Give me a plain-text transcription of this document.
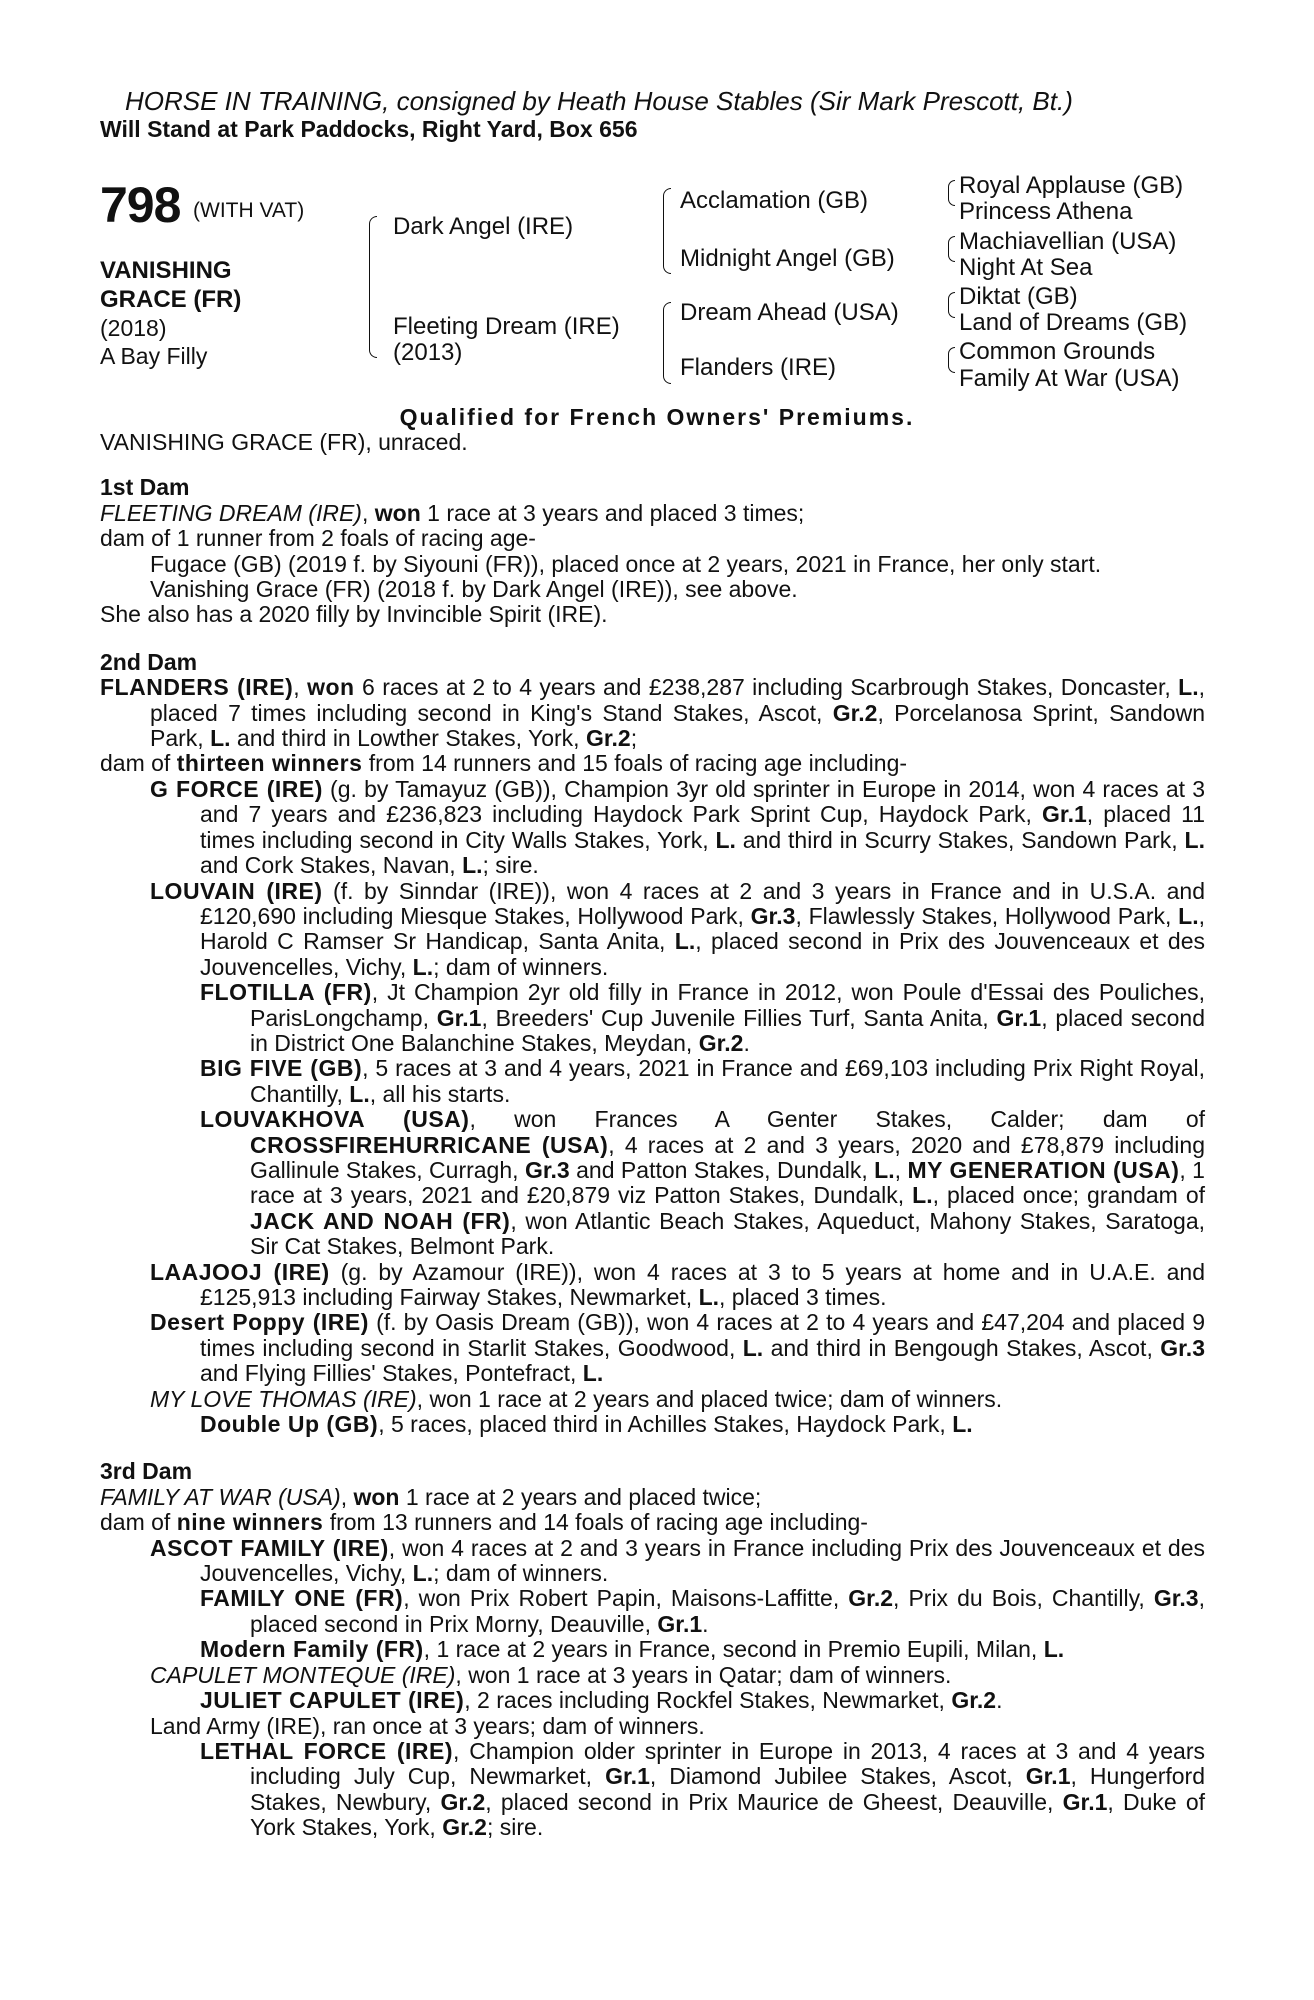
HORSE IN TRAINING, consigned by Heath House Stables (Sir Mark Prescott, Bt.)
Will Stand at Park Paddocks, Right Yard, Box 656
798 (WITH VAT)
VANISHING
GRACE (FR)
(2018)
A Bay Filly
Dark Angel (IRE)
Fleeting Dream (IRE)
(2013)
Acclamation (GB)
Midnight Angel (GB)
Dream Ahead (USA)
Flanders (IRE)
Royal Applause (GB)
Princess Athena
Machiavellian (USA)
Night At Sea
Diktat (GB)
Land of Dreams (GB)
Common Grounds
Family At War (USA)
Qualified for French Owners' Premiums.

VANISHING GRACE (FR), unraced.

1st Dam

FLEETING DREAM (IRE), won 1 race at 3 years and placed 3 times;

dam of 1 runner from 2 foals of racing age-

Fugace (GB) (2019 f. by Siyouni (FR)), placed once at 2 years, 2021 in France, her only start.

Vanishing Grace (FR) (2018 f. by Dark Angel (IRE)), see above.

She also has a 2020 filly by Invincible Spirit (IRE).

2nd Dam

FLANDERS (IRE), won 6 races at 2 to 4 years and £238,287 including Scarbrough Stakes, Doncaster, L., placed 7 times including second in King's Stand Stakes, Ascot, Gr.2, Porcelanosa Sprint, Sandown Park, L. and third in Lowther Stakes, York, Gr.2;

dam of thirteen winners from 14 runners and 15 foals of racing age including-

G FORCE (IRE) (g. by Tamayuz (GB)), Champion 3yr old sprinter in Europe in 2014, won 4 races at 3 and 7 years and £236,823 including Haydock Park Sprint Cup, Haydock Park, Gr.1, placed 11 times including second in City Walls Stakes, York, L. and third in Scurry Stakes, Sandown Park, L. and Cork Stakes, Navan, L.; sire.

LOUVAIN (IRE) (f. by Sinndar (IRE)), won 4 races at 2 and 3 years in France and in U.S.A. and £120,690 including Miesque Stakes, Hollywood Park, Gr.3, Flawlessly Stakes, Hollywood Park, L., Harold C Ramser Sr Handicap, Santa Anita, L., placed second in Prix des Jouvenceaux et des Jouvencelles, Vichy, L.; dam of winners.

FLOTILLA (FR), Jt Champion 2yr old filly in France in 2012, won Poule d'Essai des Pouliches, ParisLongchamp, Gr.1, Breeders' Cup Juvenile Fillies Turf, Santa Anita, Gr.1, placed second in District One Balanchine Stakes, Meydan, Gr.2.

BIG FIVE (GB), 5 races at 3 and 4 years, 2021 in France and £69,103 including Prix Right Royal, Chantilly, L., all his starts.

LOUVAKHOVA (USA), won Frances A Genter Stakes, Calder; dam of CROSSFIREHURRICANE (USA), 4 races at 2 and 3 years, 2020 and £78,879 including Gallinule Stakes, Curragh, Gr.3 and Patton Stakes, Dundalk, L., MY GENERATION (USA), 1 race at 3 years, 2021 and £20,879 viz Patton Stakes, Dundalk, L., placed once; grandam of JACK AND NOAH (FR), won Atlantic Beach Stakes, Aqueduct, Mahony Stakes, Saratoga, Sir Cat Stakes, Belmont Park.

LAAJOOJ (IRE) (g. by Azamour (IRE)), won 4 races at 3 to 5 years at home and in U.A.E. and £125,913 including Fairway Stakes, Newmarket, L., placed 3 times.

Desert Poppy (IRE) (f. by Oasis Dream (GB)), won 4 races at 2 to 4 years and £47,204 and placed 9 times including second in Starlit Stakes, Goodwood, L. and third in Bengough Stakes, Ascot, Gr.3 and Flying Fillies' Stakes, Pontefract, L.

MY LOVE THOMAS (IRE), won 1 race at 2 years and placed twice; dam of winners.

Double Up (GB), 5 races, placed third in Achilles Stakes, Haydock Park, L.

3rd Dam

FAMILY AT WAR (USA), won 1 race at 2 years and placed twice;

dam of nine winners from 13 runners and 14 foals of racing age including-

ASCOT FAMILY (IRE), won 4 races at 2 and 3 years in France including Prix des Jouvenceaux et des Jouvencelles, Vichy, L.; dam of winners.

FAMILY ONE (FR), won Prix Robert Papin, Maisons-Laffitte, Gr.2, Prix du Bois, Chantilly, Gr.3, placed second in Prix Morny, Deauville, Gr.1.

Modern Family (FR), 1 race at 2 years in France, second in Premio Eupili, Milan, L.

CAPULET MONTEQUE (IRE), won 1 race at 3 years in Qatar; dam of winners.

JULIET CAPULET (IRE), 2 races including Rockfel Stakes, Newmarket, Gr.2.

Land Army (IRE), ran once at 3 years; dam of winners.

LETHAL FORCE (IRE), Champion older sprinter in Europe in 2013, 4 races at 3 and 4 years including July Cup, Newmarket, Gr.1, Diamond Jubilee Stakes, Ascot, Gr.1, Hungerford Stakes, Newbury, Gr.2, placed second in Prix Maurice de Gheest, Deauville, Gr.1, Duke of York Stakes, York, Gr.2; sire.
